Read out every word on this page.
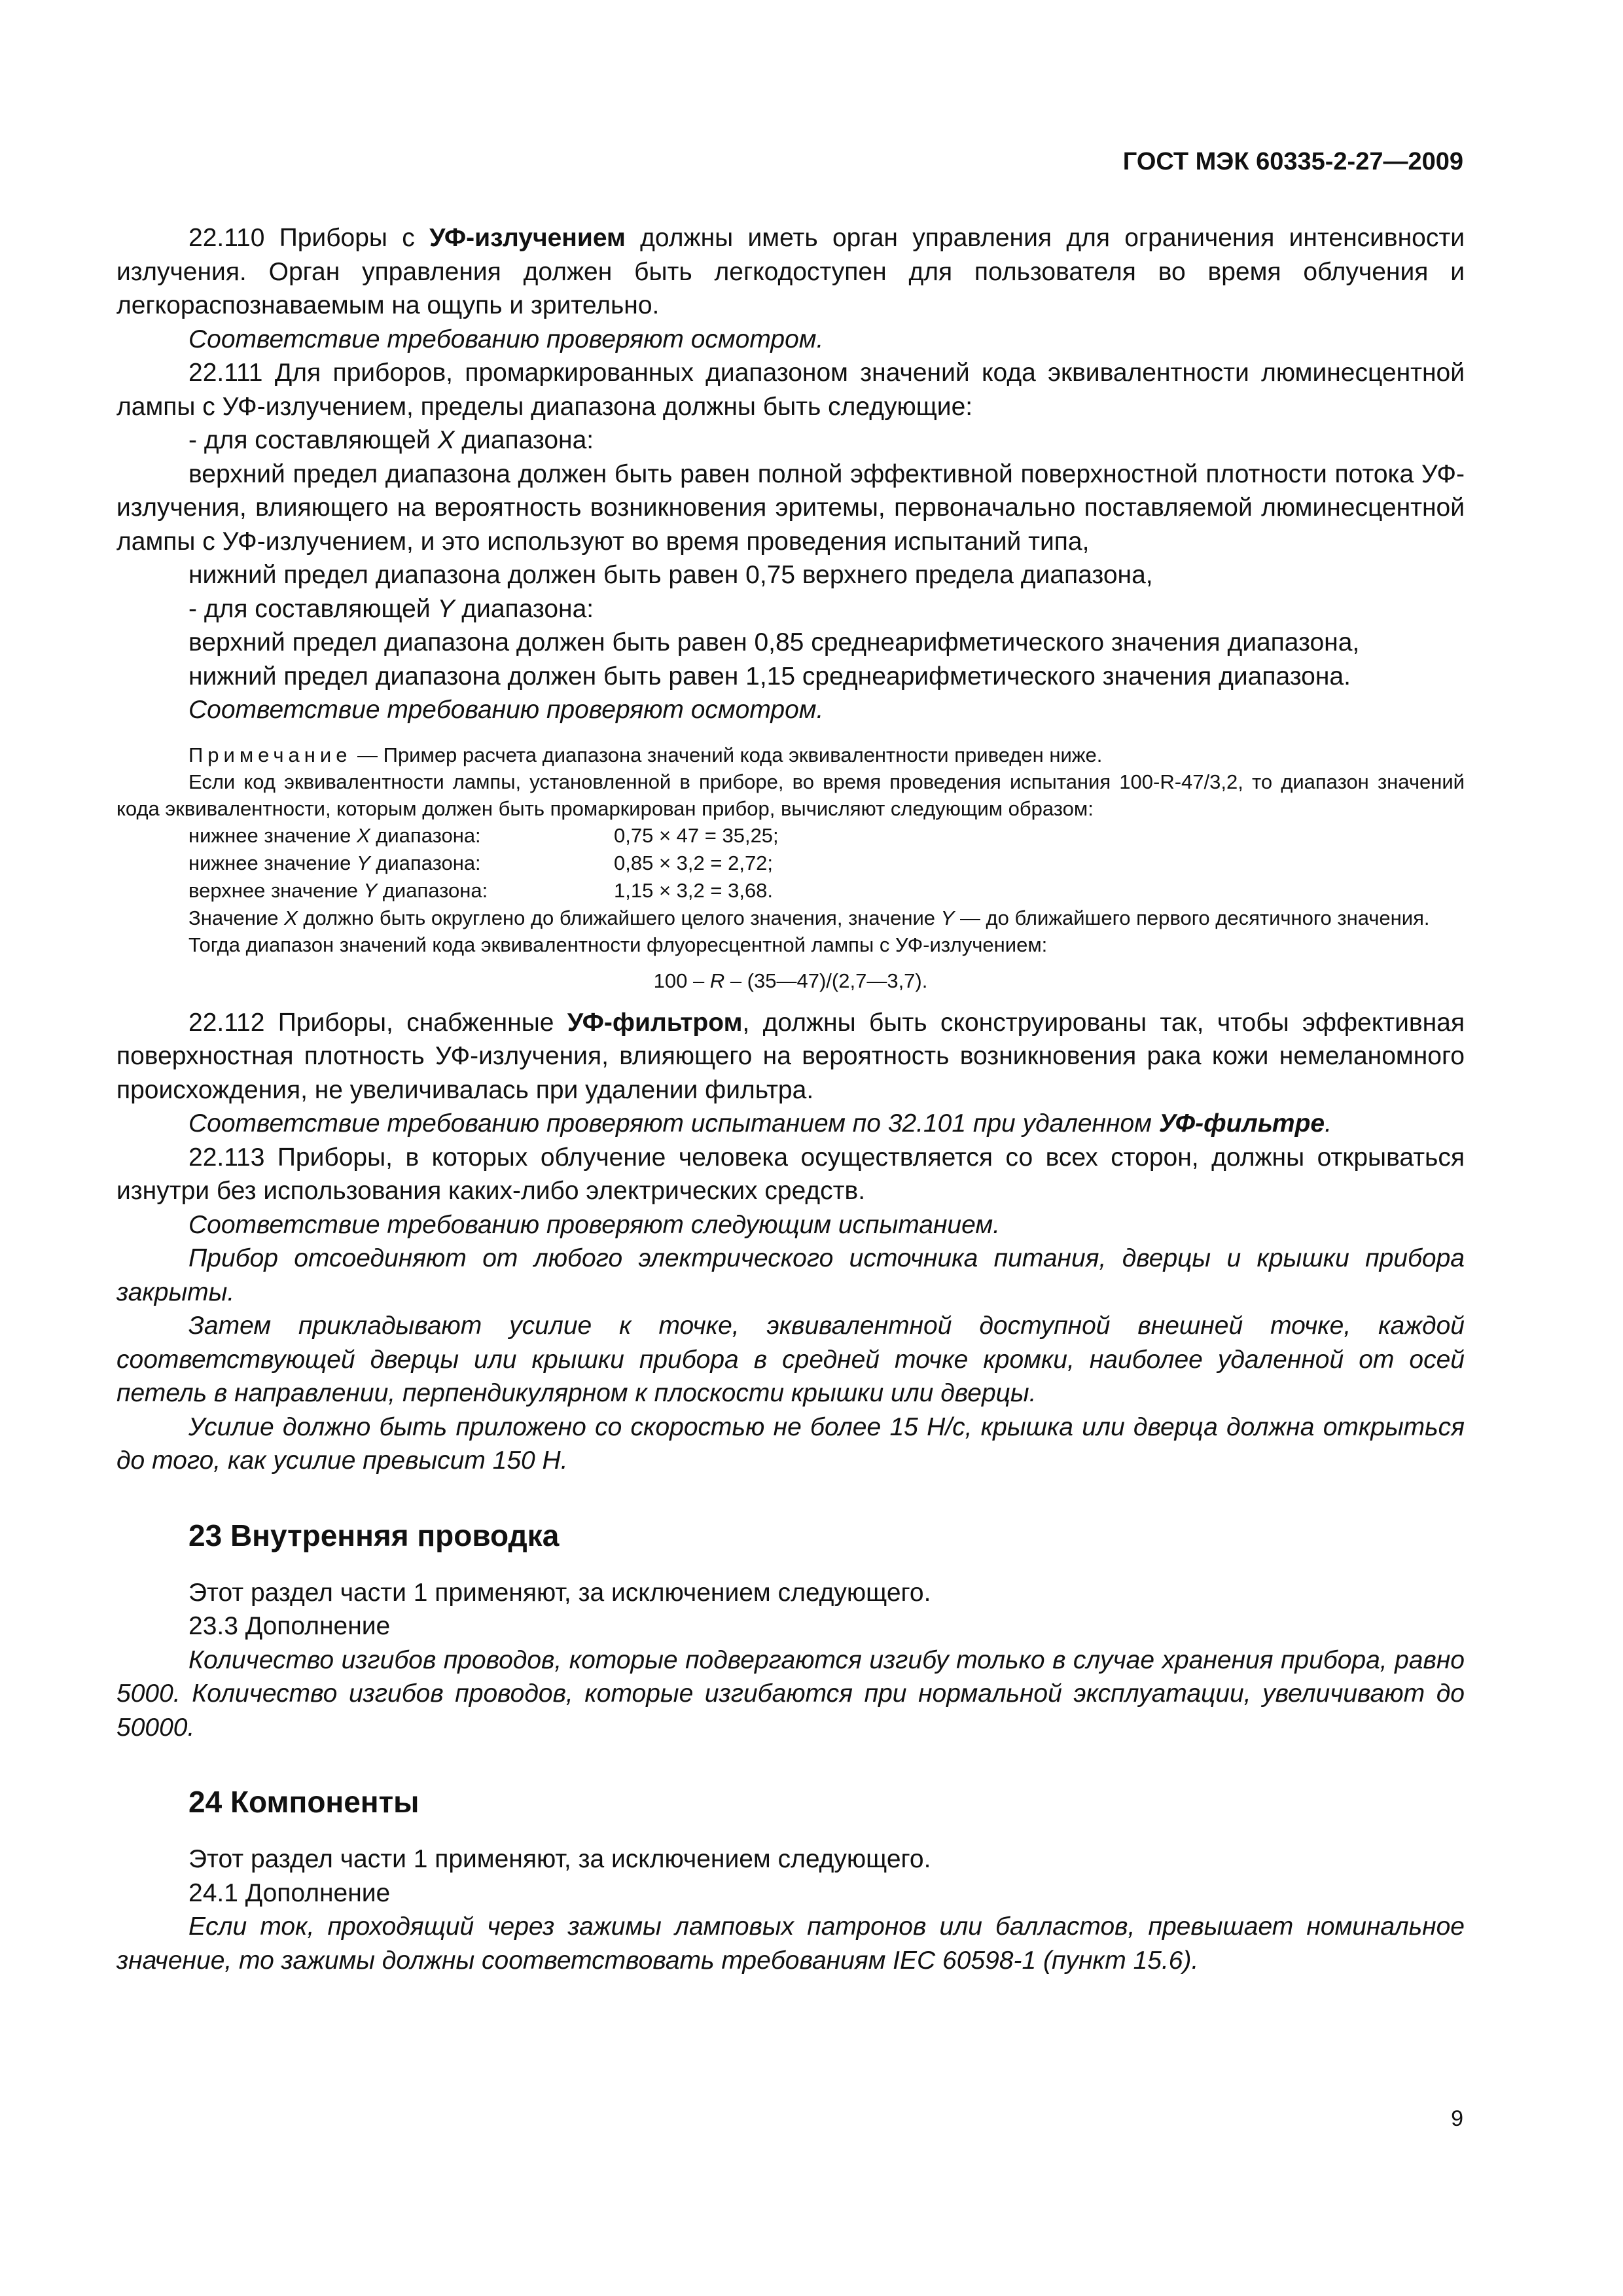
ГОСТ МЭК 60335-2-27—2009

22.110 Приборы с УФ-излучением должны иметь орган управления для ограничения интенсивности излучения. Орган управления должен быть легкодоступен для пользователя во время облучения и легкораспознаваемым на ощупь и зрительно.

Соответствие требованию проверяют осмотром.

22.111 Для приборов, промаркированных диапазоном значений кода эквивалентности люминесцентной лампы с УФ-излучением, пределы диапазона должны быть следующие:

- для составляющей X диапазона:

верхний предел диапазона должен быть равен полной эффективной поверхностной плотности потока УФ-излучения, влияющего на вероятность возникновения эритемы, первоначально поставляемой люминесцентной лампы с УФ-излучением, и это используют во время проведения испытаний типа,

нижний предел диапазона должен быть равен 0,75 верхнего предела диапазона,

- для составляющей Y диапазона:

верхний предел диапазона должен быть равен 0,85 среднеарифметического значения диапазона,

нижний предел диапазона должен быть равен 1,15 среднеарифметического значения диапазона.

Соответствие требованию проверяют осмотром.

Примечание — Пример расчета диапазона значений кода эквивалентности приведен ниже.

Если код эквивалентности лампы, установленной в приборе, во время проведения испытания 100-R-47/3,2, то диапазон значений кода эквивалентности, которым должен быть промаркирован прибор, вычисляют следующим образом:

нижнее значение X диапазона:	0,75 × 47 = 35,25;
нижнее значение Y диапазона:	0,85 × 3,2 = 2,72;
верхнее значение Y диапазона:	1,15 × 3,2 = 3,68.

Значение X должно быть округлено до ближайшего целого значения, значение Y — до ближайшего первого десятичного значения.

Тогда диапазон значений кода эквивалентности флуоресцентной лампы с УФ-излучением:

100 – R – (35—47)/(2,7—3,7).

22.112 Приборы, снабженные УФ-фильтром, должны быть сконструированы так, чтобы эффективная поверхностная плотность УФ-излучения, влияющего на вероятность возникновения рака кожи немеланомного происхождения, не увеличивалась при удалении фильтра.

Соответствие требованию проверяют испытанием по 32.101 при удаленном УФ-фильтре.

22.113 Приборы, в которых облучение человека осуществляется со всех сторон, должны открываться изнутри без использования каких-либо электрических средств.

Соответствие требованию проверяют следующим испытанием.

Прибор отсоединяют от любого электрического источника питания, дверцы и крышки прибора закрыты.

Затем прикладывают усилие к точке, эквивалентной доступной внешней точке, каждой соответствующей дверцы или крышки прибора в средней точке кромки, наиболее удаленной от осей петель в направлении, перпендикулярном к плоскости крышки или дверцы.

Усилие должно быть приложено со скоростью не более 15 Н/с, крышка или дверца должна открыться до того, как усилие превысит 150 Н.

23 Внутренняя проводка

Этот раздел части 1 применяют, за исключением следующего.

23.3 Дополнение

Количество изгибов проводов, которые подвергаются изгибу только в случае хранения прибора, равно 5000. Количество изгибов проводов, которые изгибаются при нормальной эксплуатации, увеличивают до 50000.

24 Компоненты

Этот раздел части 1 применяют, за исключением следующего.

24.1 Дополнение

Если ток, проходящий через зажимы ламповых патронов или балластов, превышает номинальное значение, то зажимы должны соответствовать требованиям IEC 60598-1 (пункт 15.6).

9
